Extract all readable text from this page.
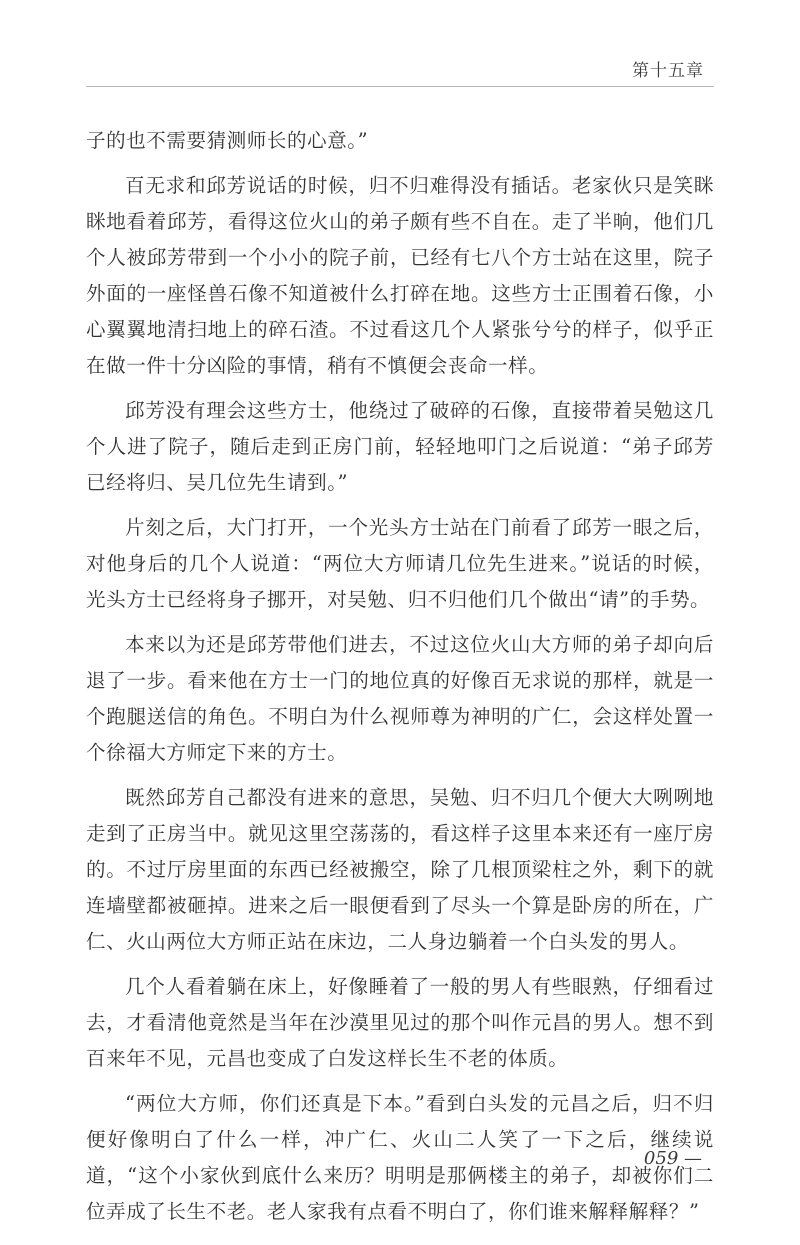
第十五章

子的也不需要猜测师长的心意。”

百无求和邱芳说话的时候，归不归难得没有插话。老家伙只是笑眯眯地看着邱芳，看得这位火山的弟子颇有些不自在。走了半晌，他们几个人被邱芳带到一个小小的院子前，已经有七八个方士站在这里，院子外面的一座怪兽石像不知道被什么打碎在地。这些方士正围着石像，小心翼翼地清扫地上的碎石渣。不过看这几个人紧张兮兮的样子，似乎正在做一件十分凶险的事情，稍有不慎便会丧命一样。

邱芳没有理会这些方士，他绕过了破碎的石像，直接带着吴勉这几个人进了院子，随后走到正房门前，轻轻地叩门之后说道：“弟子邱芳已经将归、吴几位先生请到。”

片刻之后，大门打开，一个光头方士站在门前看了邱芳一眼之后，对他身后的几个人说道：“两位大方师请几位先生进来。”说话的时候，光头方士已经将身子挪开，对吴勉、归不归他们几个做出“请”的手势。

本来以为还是邱芳带他们进去，不过这位火山大方师的弟子却向后退了一步。看来他在方士一门的地位真的好像百无求说的那样，就是一个跑腿送信的角色。不明白为什么视师尊为神明的广仁，会这样处置一个徐福大方师定下来的方士。

既然邱芳自己都没有进来的意思，吴勉、归不归几个便大大咧咧地走到了正房当中。就见这里空荡荡的，看这样子这里本来还有一座厅房的。不过厅房里面的东西已经被搬空，除了几根顶梁柱之外，剩下的就连墙壁都被砸掉。进来之后一眼便看到了尽头一个算是卧房的所在，广仁、火山两位大方师正站在床边，二人身边躺着一个白头发的男人。

几个人看着躺在床上，好像睡着了一般的男人有些眼熟，仔细看过去，才看清他竟然是当年在沙漠里见过的那个叫作元昌的男人。想不到百来年不见，元昌也变成了白发这样长生不老的体质。

“两位大方师，你们还真是下本。”看到白头发的元昌之后，归不归便好像明白了什么一样，冲广仁、火山二人笑了一下之后，继续说道，“这个小家伙到底什么来历？明明是那俩楼主的弟子，却被你们二位弄成了长生不老。老人家我有点看不明白了，你们谁来解释解释？”

059 —
